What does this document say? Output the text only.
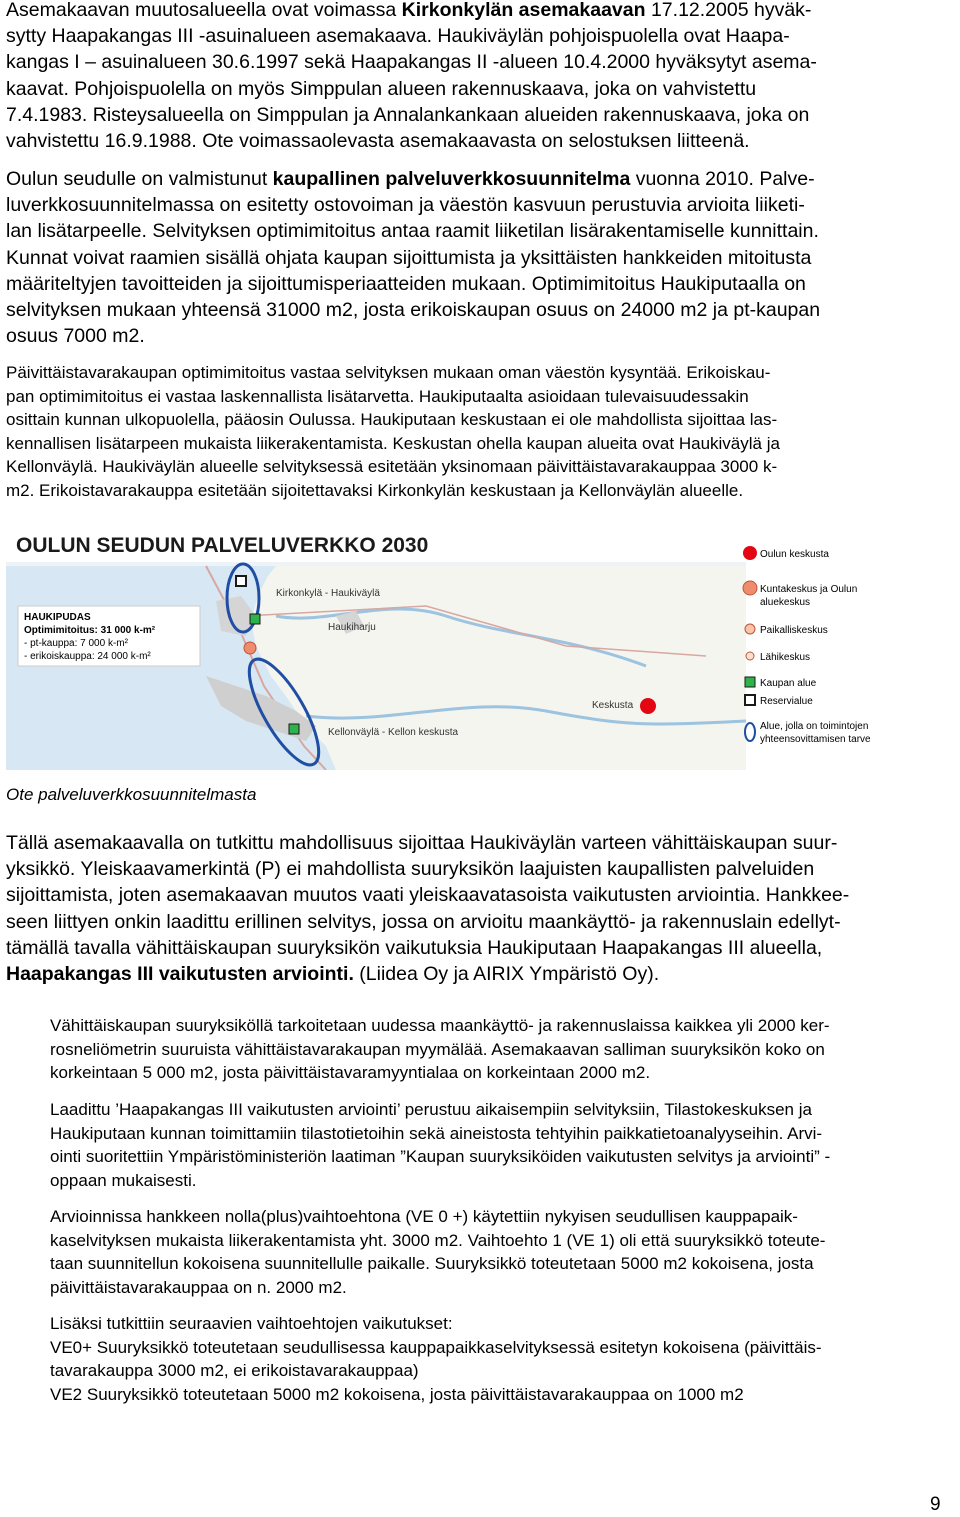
Asemakaavan muutosalueella ovat voimassa Kirkonkylän asemakaavan 17.12.2005 hyväk-
sytty Haapakangas III -asuinalueen asemakaava. Haukiväylän pohjoispuolella ovat Haapa-
kangas I – asuinalueen 30.6.1997 sekä Haapakangas II -alueen 10.4.2000 hyväksytyt asema-
kaavat. Pohjoispuolella on myös Simppulan alueen rakennuskaava, joka on vahvistettu
7.4.1983. Risteysalueella on Simppulan ja Annalankankaan alueiden rakennuskaava, joka on
vahvistettu 16.9.1988. Ote voimassaolevasta asemakaavasta on selostuksen liitteenä.
Oulun seudulle on valmistunut kaupallinen palveluverkkosuunnitelma vuonna 2010. Palve-
luverkkosuunnitelmassa on esitetty ostovoiman ja väestön kasvuun perustuvia arvioita liiketi-
lan lisätarpeelle. Selvityksen optimimitoitus antaa raamit liiketilan lisärakentamiselle kunnittain.
Kunnat voivat raamien sisällä ohjata kaupan sijoittumista ja yksittäisten hankkeiden mitoitusta
määriteltyjen tavoitteiden ja sijoittumisperiaatteiden mukaan. Optimimitoitus Haukiputaalla on
selvityksen mukaan yhteensä 31000 m2, josta erikoiskaupan osuus on 24000 m2 ja pt-kaupan
osuus 7000 m2.
Päivittäistavarakaupan optimimitoitus vastaa selvityksen mukaan oman väestön kysyntää. Erikoiskau-
pan optimimitoitus ei vastaa laskennallista lisätarvetta. Haukiputaalta asioidaan tulevaisuudessakin
osittain kunnan ulkopuolella, pääosin Oulussa. Haukiputaan keskustaan ei ole mahdollista sijoittaa las-
kennallisen lisätarpeen mukaista liikerakentamista. Keskustan ohella kaupan alueita ovat Haukiväylä ja
Kellonväylä. Haukiväylän alueelle selvityksessä esitetään yksinomaan päivittäistavarakauppaa 3000 k-
m2. Erikoistavarakauppa esitetään sijoitettavaksi Kirkonkylän keskustaan ja Kellonväylän alueelle.
OULUN SEUDUN PALVELUVERKKO 2030
HAUKIPUDAS
Optimimitoitus: 31 000 k-m²
- pt-kauppa: 7 000 k-m²
- erikoiskauppa: 24 000 k-m²
Kirkonkylä - Haukiväylä
Haukiharju
Kellonväylä - Kellon keskusta
Keskusta
Oulun keskusta
Kuntakeskus ja Oulun
aluekeskus
Paikalliskeskus
Lähikeskus
Kaupan alue
Reservialue
Alue, jolla on toimintojen
yhteensovittamisen tarve
Ote palveluverkkosuunnitelmasta
Tällä asemakaavalla on tutkittu mahdollisuus sijoittaa Haukiväylän varteen vähittäiskaupan suur-
yksikkö. Yleiskaavamerkintä (P) ei mahdollista suuryksikön laajuisten kaupallisten palveluiden
sijoittamista, joten asemakaavan muutos vaati yleiskaavatasoista vaikutusten arviointia. Hankkee-
seen liittyen onkin laadittu erillinen selvitys, jossa on arvioitu maankäyttö- ja rakennuslain edellyt-
tämällä tavalla vähittäiskaupan suuryksikön vaikutuksia Haukiputaan Haapakangas III alueella,
Haapakangas III vaikutusten arviointi. (Liidea Oy ja AIRIX Ympäristö Oy).
Vähittäiskaupan suuryksiköllä tarkoitetaan uudessa maankäyttö- ja rakennuslaissa kaikkea yli 2000 ker-
rosneliömetrin suuruista vähittäistavarakaupan myymälää. Asemakaavan salliman suuryksikön koko on
korkeintaan 5 000 m2, josta päivittäistavaramyyntialaa on korkeintaan 2000 m2.
Laadittu ’Haapakangas III vaikutusten arviointi’ perustuu aikaisempiin selvityksiin, Tilastokeskuksen ja
Haukiputaan kunnan toimittamiin tilastotietoihin sekä aineistosta tehtyihin paikkatietoanalyyseihin. Arvi-
ointi suoritettiin Ympäristöministeriön laatiman ”Kaupan suuryksiköiden vaikutusten selvitys ja arviointi” -
oppaan mukaisesti.
Arvioinnissa hankkeen nolla(plus)vaihtoehtona (VE 0 +) käytettiin nykyisen seudullisen kauppapaik-
kaselvityksen mukaista liikerakentamista yht. 3000 m2. Vaihtoehto 1 (VE 1) oli että suuryksikkö toteute-
taan suunnitellun kokoisena suunnitellulle paikalle. Suuryksikkö toteutetaan 5000 m2 kokoisena, josta
päivittäistavarakauppaa on n. 2000 m2.
Lisäksi tutkittiin seuraavien vaihtoehtojen vaikutukset:
VE0+ Suuryksikkö toteutetaan seudullisessa kauppapaikkaselvityksessä esitetyn kokoisena (päivittäis-
tavarakauppa 3000 m2, ei erikoistavarakauppaa)
VE2 Suuryksikkö toteutetaan 5000 m2 kokoisena, josta päivittäistavarakauppaa on 1000 m2
9
